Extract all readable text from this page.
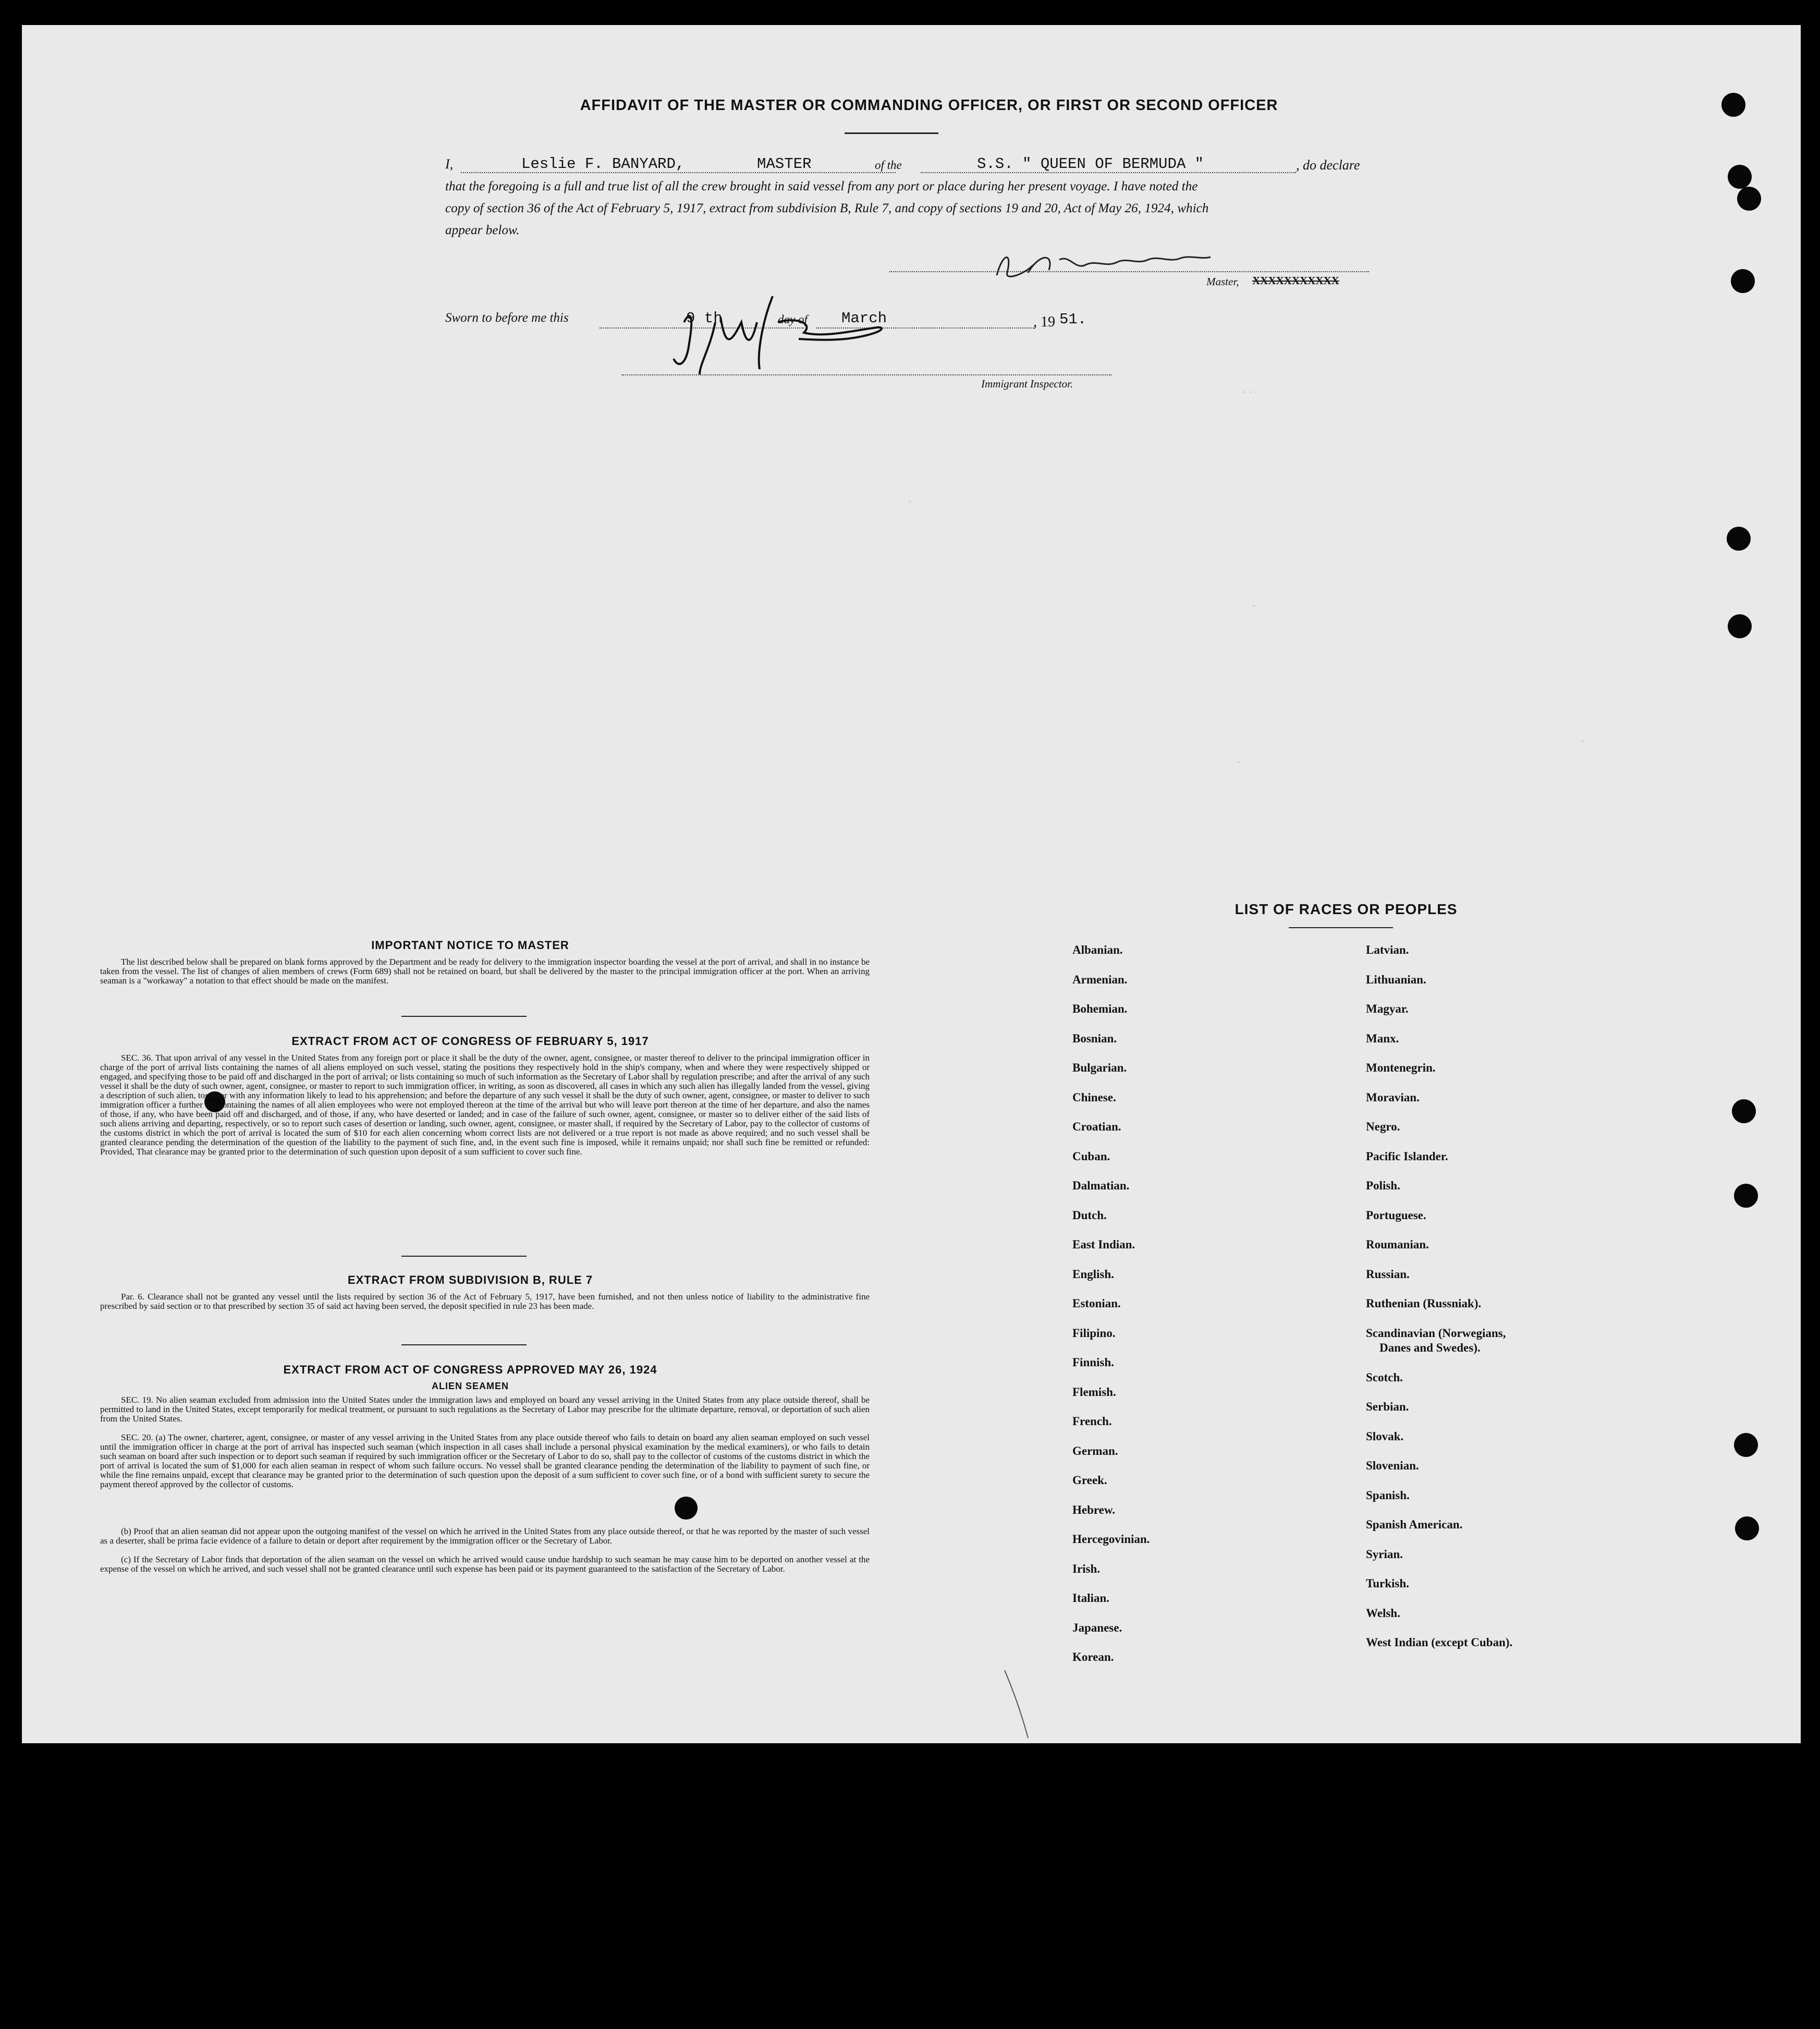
AFFIDAVIT OF THE MASTER OR COMMANDING OFFICER, OR FIRST OR SECOND OFFICER
I,	Leslie F. BANYARD,	MASTER	of the	S.S. " QUEEN OF BERMUDA "	, do declare
that the foregoing is a full and true list of all the crew brought in said vessel from any port or place during her present voyage. I have noted the
copy of section 36 of the Act of February 5, 1917, extract from subdivision B, Rule 7, and copy of sections 19 and 20, Act of May 26, 1924, which
appear below.
Master, XXXXXXXXXXX
Sworn to before me this	9 th	day of March	, 19 51.
Immigrant Inspector.
· ·
·
·
·
·
IMPORTANT NOTICE TO MASTER
The list described below shall be prepared on blank forms approved by the Department and be ready for delivery to the immigration inspector boarding the vessel at the port of arrival, and shall in no instance be taken from the vessel. The list of changes of alien members of crews (Form 689) shall not be retained on board, but shall be delivered by the master to the principal immigration officer at the port. When an arriving seaman is a "workaway" a notation to that effect should be made on the manifest.
EXTRACT FROM ACT OF CONGRESS OF FEBRUARY 5, 1917
SEC. 36. That upon arrival of any vessel in the United States from any foreign port or place it shall be the duty of the owner, agent, consignee, or master thereof to deliver to the principal immigration officer in charge of the port of arrival lists containing the names of all aliens employed on such vessel, stating the positions they respectively hold in the ship's company, when and where they were respectively shipped or engaged, and specifying those to be paid off and discharged in the port of arrival; or lists containing so much of such information as the Secretary of Labor shall by regulation prescribe; and after the arrival of any such vessel it shall be the duty of such owner, agent, consignee, or master to report to such immigration officer, in writing, as soon as discovered, all cases in which any such alien has illegally landed from the vessel, giving a description of such alien, together with any information likely to lead to his apprehension; and before the departure of any such vessel it shall be the duty of such owner, agent, consignee, or master to deliver to such immigration officer a further list containing the names of all alien employees who were not employed thereon at the time of the arrival but who will leave port thereon at the time of her departure, and also the names of those, if any, who have been paid off and discharged, and of those, if any, who have deserted or landed; and in case of the failure of such owner, agent, consignee, or master so to deliver either of the said lists of such aliens arriving and departing, respectively, or so to report such cases of desertion or landing, such owner, agent, consignee, or master shall, if required by the Secretary of Labor, pay to the collector of customs of the customs district in which the port of arrival is located the sum of $10 for each alien concerning whom correct lists are not delivered or a true report is not made as above required; and no such vessel shall be granted clearance pending the determination of the question of the liability to the payment of such fine, and, in the event such fine is imposed, while it remains unpaid; nor shall such fine be remitted or refunded: Provided, That clearance may be granted prior to the determination of such question upon deposit of a sum sufficient to cover such fine.
EXTRACT FROM SUBDIVISION B, RULE 7
Par. 6. Clearance shall not be granted any vessel until the lists required by section 36 of the Act of February 5, 1917, have been furnished, and not then unless notice of liability to the administrative fine prescribed by said section or to that prescribed by section 35 of said act having been served, the deposit specified in rule 23 has been made.
EXTRACT FROM ACT OF CONGRESS APPROVED MAY 26, 1924
ALIEN SEAMEN
SEC. 19. No alien seaman excluded from admission into the United States under the immigration laws and employed on board any vessel arriving in the United States from any place outside thereof, shall be permitted to land in the United States, except temporarily for medical treatment, or pursuant to such regulations as the Secretary of Labor may prescribe for the ultimate departure, removal, or deportation of such alien from the United States.
SEC. 20. (a) The owner, charterer, agent, consignee, or master of any vessel arriving in the United States from any place outside thereof who fails to detain on board any alien seaman employed on such vessel until the immigration officer in charge at the port of arrival has inspected such seaman (which inspection in all cases shall include a personal physical examination by the medical examiners), or who fails to detain such seaman on board after such inspection or to deport such seaman if required by such immigration officer or the Secretary of Labor to do so, shall pay to the collector of customs of the customs district in which the port of arrival is located the sum of $1,000 for each alien seaman in respect of whom such failure occurs. No vessel shall be granted clearance pending the determination of the liability to payment of such fine, or while the fine remains unpaid, except that clearance may be granted prior to the determination of such question upon the deposit of a sum sufficient to cover such fine, or of a bond with sufficient surety to secure the payment thereof approved by the collector of customs.
(b) Proof that an alien seaman did not appear upon the outgoing manifest of the vessel on which he arrived in the United States from any place outside thereof, or that he was reported by the master of such vessel as a deserter, shall be prima facie evidence of a failure to detain or deport after requirement by the immigration officer or the Secretary of Labor.
(c) If the Secretary of Labor finds that deportation of the alien seaman on the vessel on which he arrived would cause undue hardship to such seaman he may cause him to be deported on another vessel at the expense of the vessel on which he arrived, and such vessel shall not be granted clearance until such expense has been paid or its payment guaranteed to the satisfaction of the Secretary of Labor.
LIST OF RACES OR PEOPLES
Albanian.
Armenian.
Bohemian.
Bosnian.
Bulgarian.
Chinese.
Croatian.
Cuban.
Dalmatian.
Dutch.
East Indian.
English.
Estonian.
Filipino.
Finnish.
Flemish.
French.
German.
Greek.
Hebrew.
Hercegovinian.
Irish.
Italian.
Japanese.
Korean.
Latvian.
Lithuanian.
Magyar.
Manx.
Montenegrin.
Moravian.
Negro.
Pacific Islander.
Polish.
Portuguese.
Roumanian.
Russian.
Ruthenian (Russniak).
Scandinavian (Norwegians,
Danes and Swedes).
Scotch.
Serbian.
Slovak.
Slovenian.
Spanish.
Spanish American.
Syrian.
Turkish.
Welsh.
West Indian (except Cuban).
